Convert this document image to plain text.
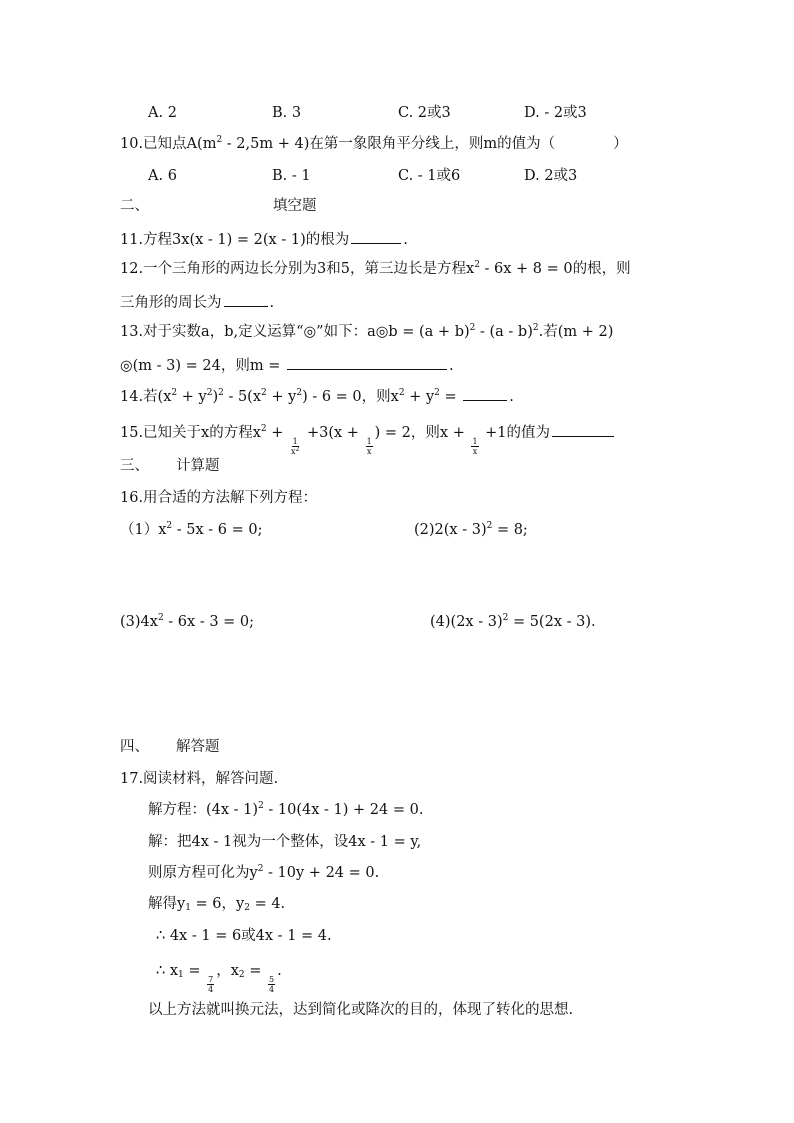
A. 2	B. 3	C. 2或3	D. - 2或3
10.已知点$A(m^2 - 2,5m + 4)$在第一象限角平分线上，则m的值为（	）
A. 6	B. - 1	C. - 1或6	D. 2或3
二、	填空题
11.方程3x(x - 1) = 2(x - 1)的根为	.
12.一个三角形的两边长分别为3和5，第三边长是方程$x^2 - 6x + 8 = 0$的根，则
三角形的周长为	.
13.对于实数a，b,定义运算“◎”如下：a◎b = $(a + b)^2 - (a - b)^2$.若(m + 2)
◎(m - 3) = 24，则m =	.
14.若$(x^2 + y^2)^2 - 5(x^2 + y^2) - 6 = 0$，则$x^2 + y^2$ =	.
15.已知关于x的方程$x^2$ +
$\frac{1}{x^2}$
+3(x +
$\frac{1}{x}$
) = 2，则x +
$\frac{1}{x}$
+1的值为
三、 计算题
16.用合适的方法解下列方程：
$(1)x^2 - 5x - 6 = 0$;	(2)2(x - 3)$^2$ = 8;
$(3)4x^2 - 6x - 3 = 0$;	(4)(2x - 3)$^2$ = 5(2x - 3).
四、 解答题
17.阅读材料，解答问题.
解方程：(4x - 1)$^2$ - 10(4x - 1) + 24 = 0.
解：把4x - 1视为一个整体，设4x - 1 = y,
则原方程可化为$y^2 - 10y + 24 = 0$.
解得$y_1 = 6$，$y_2 = 4$.
∴ 4x - 1 = 6或4x - 1 = 4.
∴ $x_1$ =
$\frac{7}{4}$
，$x_2$ =
$\frac{5}{4}$
.
以上方法就叫换元法，达到简化或降次的目的，体现了转化的思想.
